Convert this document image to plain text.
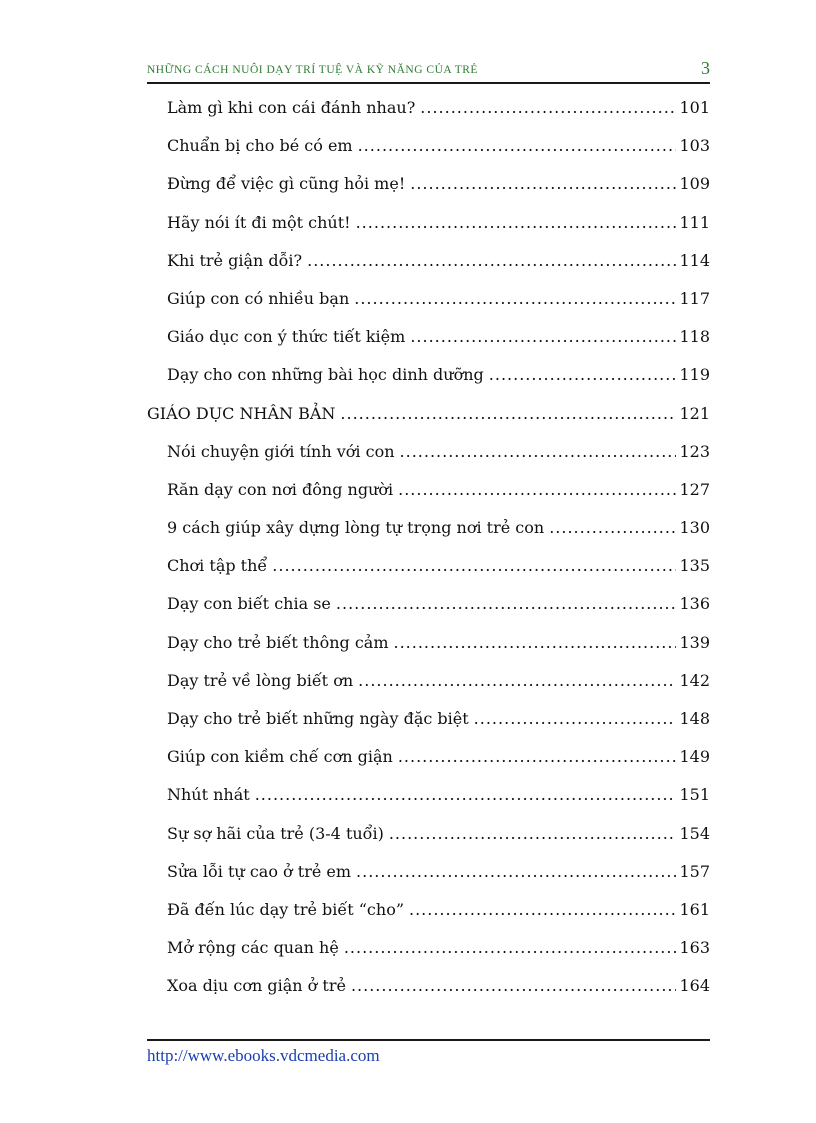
NHỮNG CÁCH NUÔI DẠY TRÍ TUỆ VÀ KỸ NĂNG CỦA TRẺ	3
Làm gì khi con cái đánh nhau? .....	101
Chuẩn bị cho bé có em .....	103
Đừng để việc gì cũng hỏi mẹ! .....	109
Hãy nói ít đi một chút! .....	111
Khi trẻ giận dỗi? .....	114
Giúp con có nhiều bạn .....	117
Giáo dục con ý thức tiết kiệm .....	118
Dạy cho con những bài học dinh dưỡng .....	119
GIÁO DỤC NHÂN BẢN .....	121
Nói chuyện giới tính với con .....	123
Răn dạy con nơi đông người .....	127
9 cách giúp xây dựng lòng tự trọng nơi trẻ con .....	130
Chơi tập thể .....	135
Dạy con biết chia se .....	136
Dạy cho trẻ biết thông cảm .....	139
Dạy trẻ về lòng biết ơn .....	142
Dạy cho trẻ biết những ngày đặc biệt .....	148
Giúp con kiềm chế cơn giận .....	149
Nhút nhát .....	151
Sự sợ hãi của trẻ (3-4 tuổi) .....	154
Sửa lỗi tự cao ở trẻ em .....	157
Đã đến lúc dạy trẻ biết “cho” .....	161
Mở rộng các quan hệ .....	163
Xoa dịu cơn giận ở trẻ .....	164
http://www.ebooks.vdcmedia.com
